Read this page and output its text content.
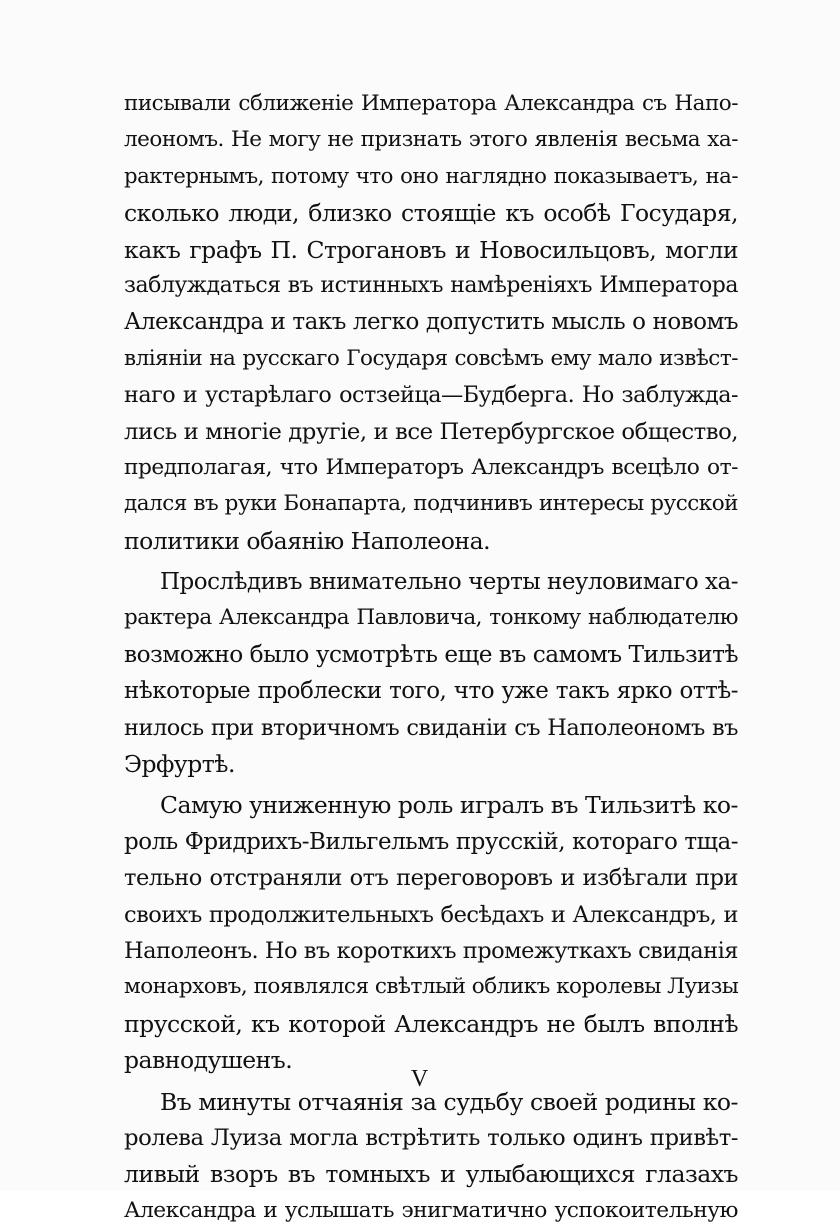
писывали сближеніе Императора Александра съ Напо-
леономъ. Не могу не признать этого явленія весьма ха-
рактернымъ, потому что оно наглядно показываетъ, на-
сколько люди, близко стоящіе къ особѣ Государя,
какъ графъ П. Строгановъ и Новосильцовъ, могли
заблуждаться въ истинныхъ намѣреніяхъ Императора
Александра и такъ легко допустить мысль о новомъ
вліяніи на русскаго Государя совсѣмъ ему мало извѣст-
наго и устарѣлаго остзейца—Будберга. Но заблужда-
лись и многіе другіе, и все Петербургское общество,
предполагая, что Императоръ Александръ всецѣло от-
дался въ руки Бонапарта, подчинивъ интересы русской
политики обаянію Наполеона.
Прослѣдивъ внимательно черты неуловимаго ха-
рактера Александра Павловича, тонкому наблюдателю
возможно было усмотрѣть еще въ самомъ Тильзитѣ
нѣкоторые проблески того, что уже такъ ярко оттѣ-
нилось при вторичномъ свиданіи съ Наполеономъ въ
Эрфуртѣ.
Самую униженную роль игралъ въ Тильзитѣ ко-
роль Фридрихъ-Вильгельмъ прусскій, котораго тща-
тельно отстраняли отъ переговоровъ и избѣгали при
своихъ продолжительныхъ бесѣдахъ и Александръ, и
Наполеонъ. Но въ короткихъ промежуткахъ свиданія
монарховъ, появлялся свѣтлый обликъ королевы Луизы
прусской, къ которой Александръ не былъ вполнѣ
равнодушенъ.
Въ минуты отчаянія за судьбу своей родины ко-
ролева Луиза могла встрѣтить только одинъ привѣт-
ливый взоръ въ томныхъ и улыбающихся глазахъ
Александра и услышать энигматично успокоительную
V
